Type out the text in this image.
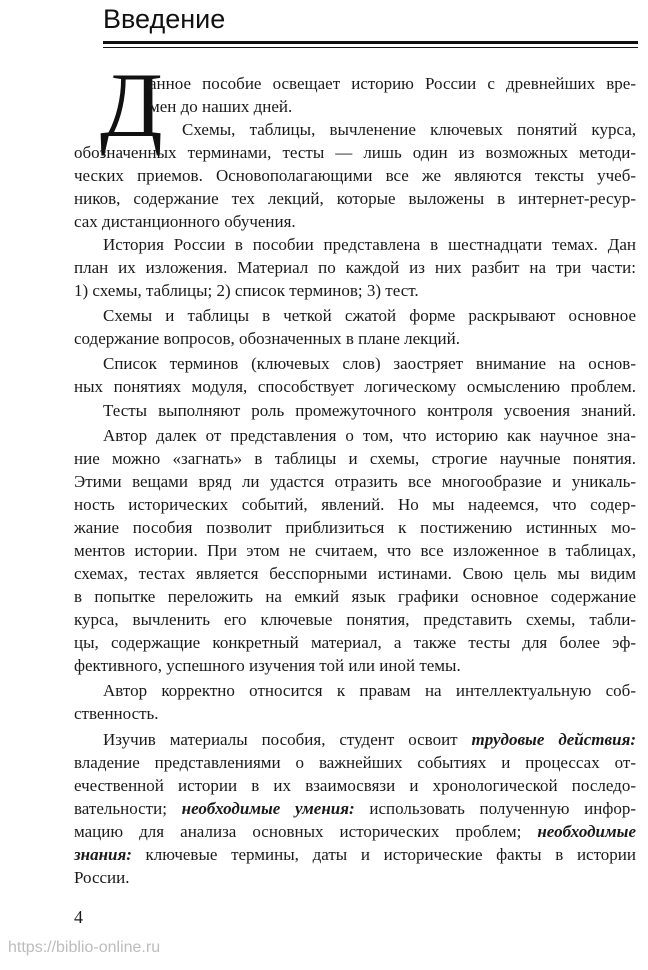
Введение
Д
анное пособие освещает историю России с древнейших вре-
мен до наших дней.
Схемы, таблицы, вычленение ключевых понятий курса,
обозначенных терминами, тесты — лишь один из возможных методи-
ческих приемов. Основополагающими все же являются тексты учеб-
ников, содержание тех лекций, которые выложены в интернет-ресур-
сах дистанционного обучения.
История России в пособии представлена в шестнадцати темах. Дан
план их изложения. Материал по каждой из них разбит на три части:
1) схемы, таблицы; 2) список терминов; 3) тест.
Схемы и таблицы в четкой сжатой форме раскрывают основное
содержание вопросов, обозначенных в плане лекций.
Список терминов (ключевых слов) заостряет внимание на основ-
ных понятиях модуля, способствует логическому осмыслению проблем.
Тесты выполняют роль промежуточного контроля усвоения знаний.
Автор далек от представления о том, что историю как научное зна-
ние можно «загнать» в таблицы и схемы, строгие научные понятия.
Этими вещами вряд ли удастся отразить все многообразие и уникаль-
ность исторических событий, явлений. Но мы надеемся, что содер-
жание пособия позволит приблизиться к постижению истинных мо-
ментов истории. При этом не считаем, что все изложенное в таблицах,
схемах, тестах является бесспорными истинами. Свою цель мы видим
в попытке переложить на емкий язык графики основное содержание
курса, вычленить его ключевые понятия, представить схемы, табли-
цы, содержащие конкретный материал, а также тесты для более эф-
фективного, успешного изучения той или иной темы.
Автор корректно относится к правам на интеллектуальную соб-
ственность.
Изучив материалы пособия, студент освоит трудовые действия:
владение представлениями о важнейших событиях и процессах от-
ечественной истории в их взаимосвязи и хронологической последо-
вательности; необходимые умения: использовать полученную инфор-
мацию для анализа основных исторических проблем; необходимые
знания: ключевые термины, даты и исторические факты в истории
России.
4
https://biblio-online.ru
